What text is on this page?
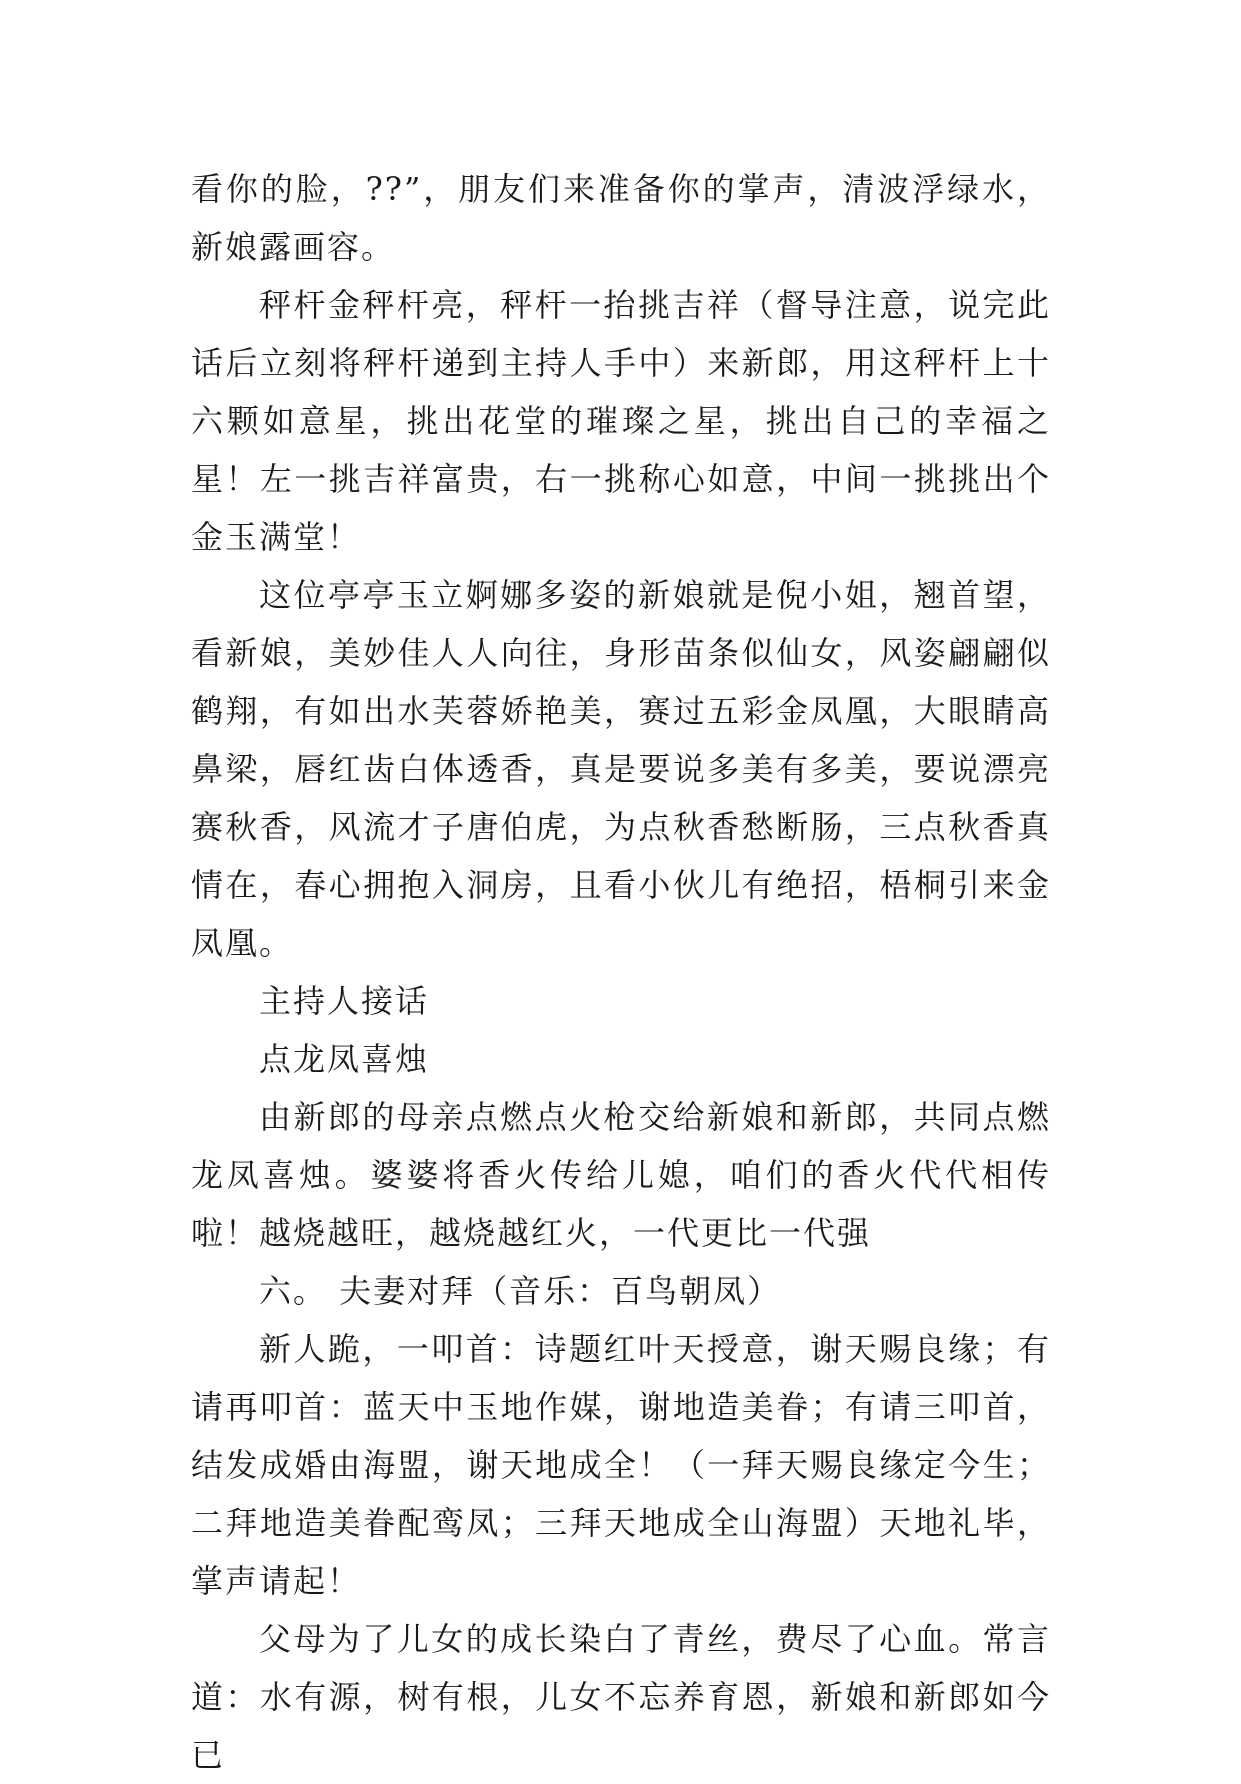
看你的脸，??”，朋友们来准备你的掌声，清波浮绿水，新娘露画容。

秤杆金秤杆亮，秤杆一抬挑吉祥（督导注意，说完此话后立刻将秤杆递到主持人手中）来新郎，用这秤杆上十六颗如意星，挑出花堂的璀璨之星，挑出自己的幸福之星！左一挑吉祥富贵，右一挑称心如意，中间一挑挑出个金玉满堂！

这位亭亭玉立婀娜多姿的新娘就是倪小姐，翘首望，看新娘，美妙佳人人向往，身形苗条似仙女，风姿翩翩似鹤翔，有如出水芙蓉娇艳美，赛过五彩金凤凰，大眼睛高鼻梁，唇红齿白体透香，真是要说多美有多美，要说漂亮赛秋香，风流才子唐伯虎，为点秋香愁断肠，三点秋香真情在，春心拥抱入洞房，且看小伙儿有绝招，梧桐引来金凤凰。

主持人接话

点龙凤喜烛

由新郎的母亲点燃点火枪交给新娘和新郎，共同点燃龙凤喜烛。婆婆将香火传给儿媳，咱们的香火代代相传啦！越烧越旺，越烧越红火，一代更比一代强

六。 夫妻对拜（音乐：百鸟朝凤）

新人跪，一叩首：诗题红叶天授意，谢天赐良缘；有请再叩首：蓝天中玉地作媒，谢地造美眷；有请三叩首，结发成婚由海盟，谢天地成全！（一拜天赐良缘定今生；二拜地造美眷配鸾凤；三拜天地成全山海盟）天地礼毕，掌声请起！

父母为了儿女的成长染白了青丝，费尽了心血。常言道：水有源，树有根，儿女不忘养育恩，新娘和新郎如今已
